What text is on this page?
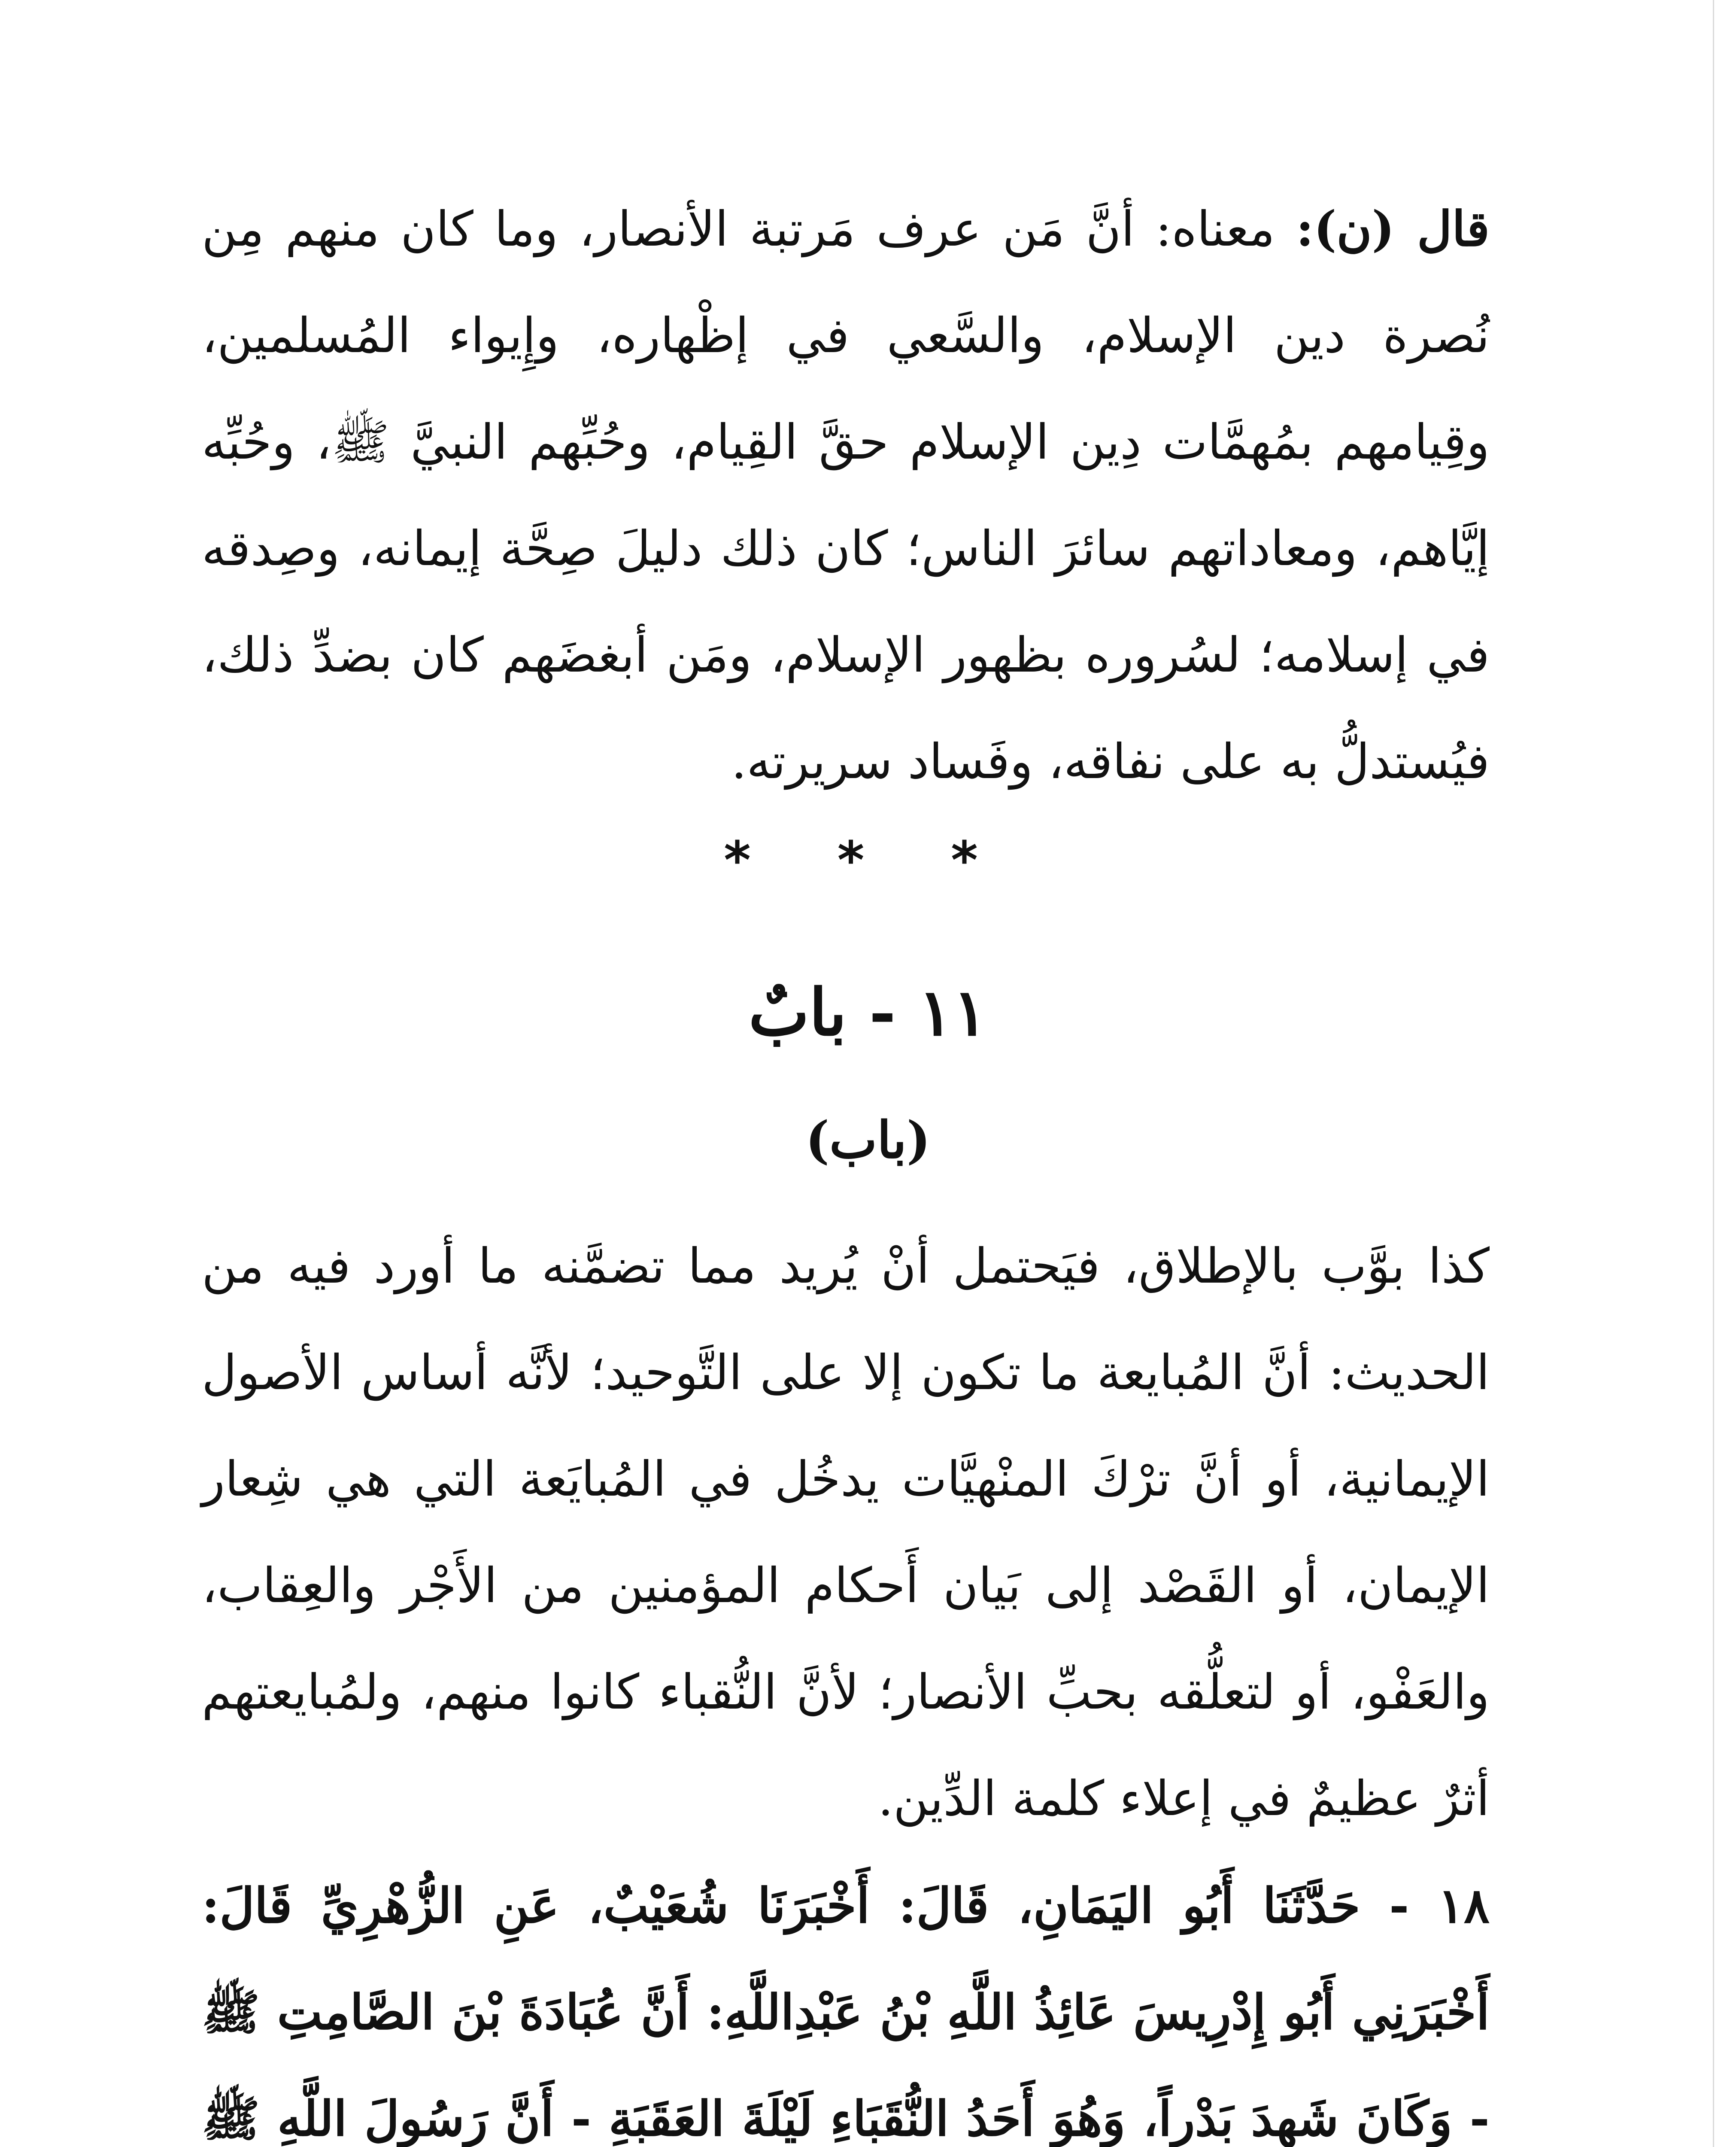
قال (ن): معناه: أنَّ مَن عرف مَرتبة الأنصار، وما كان منهم مِن نُصرة دين الإسلام، والسَّعي في إظْهاره، وإِيواء المُسلمين، وقِيامهم بمُهمَّات دِين الإسلام حقَّ القِيام، وحُبِّهم النبيَّ ﷺ، وحُبِّه إيَّاهم، ومعاداتهم سائرَ الناس؛ كان ذلك دليلَ صِحَّة إيمانه، وصِدقه في إسلامه؛ لسُروره بظهور الإسلام، ومَن أبغضَهم كان بضدِّ ذلك، فيُستدلُّ به على نفاقه، وفَساد سريرته.

* * *
١١ - بابٌ
(باب)

كذا بوَّب بالإطلاق، فيَحتمل أنْ يُريد مما تضمَّنه ما أورد فيه من الحديث: أنَّ المُبايعة ما تكون إلا على التَّوحيد؛ لأنَّه أساس الأصول الإيمانية، أو أنَّ ترْكَ المنْهيَّات يدخُل في المُبايَعة التي هي شِعار الإيمان، أو القَصْد إلى بَيان أَحكام المؤمنين من الأَجْر والعِقاب، والعَفْو، أو لتعلُّقه بحبِّ الأنصار؛ لأنَّ النُّقباء كانوا منهم، ولمُبايعتهم أثرٌ عظيمٌ في إعلاء كلمة الدِّين.

١٨ - حَدَّثَنَا أَبُو اليَمَانِ، قَالَ: أَخْبَرَنَا شُعَيْبٌ، عَنِ الزُّهْرِيِّ قَالَ: أَخْبَرَنِي أَبُو إِدْرِيسَ عَائِذُ اللَّهِ بْنُ عَبْدِاللَّهِ: أَنَّ عُبَادَةَ بْنَ الصَّامِتِ ﷺ - وَكَانَ شَهِدَ بَدْراً، وَهُوَ أَحَدُ النُّقَبَاءِ لَيْلَةَ العَقَبَةِ - أَنَّ رَسُولَ اللَّهِ ﷺ
